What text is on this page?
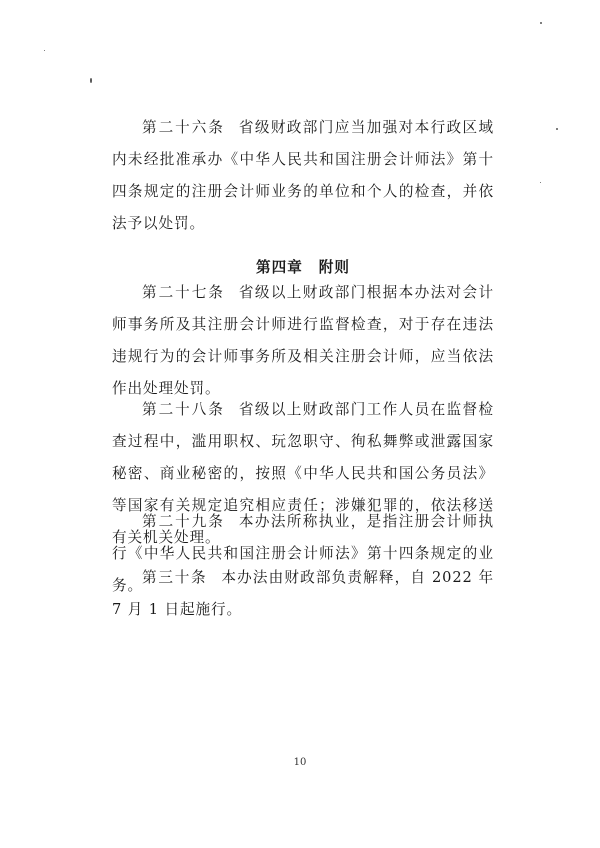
第二十六条 省级财政部门应当加强对本行政区域内未经批准承办《中华人民共和国注册会计师法》第十四条规定的注册会计师业务的单位和个人的检查，并依法予以处罚。

第四章 附则

第二十七条 省级以上财政部门根据本办法对会计师事务所及其注册会计师进行监督检查，对于存在违法违规行为的会计师事务所及相关注册会计师，应当依法作出处理处罚。

第二十八条 省级以上财政部门工作人员在监督检查过程中，滥用职权、玩忽职守、徇私舞弊或泄露国家秘密、商业秘密的，按照《中华人民共和国公务员法》等国家有关规定追究相应责任；涉嫌犯罪的，依法移送有关机关处理。

第二十九条 本办法所称执业，是指注册会计师执行《中华人民共和国注册会计师法》第十四条规定的业务。 第三十条 本办法由财政部负责解释，自 2022 年 7 月 1 日起施行。

10
